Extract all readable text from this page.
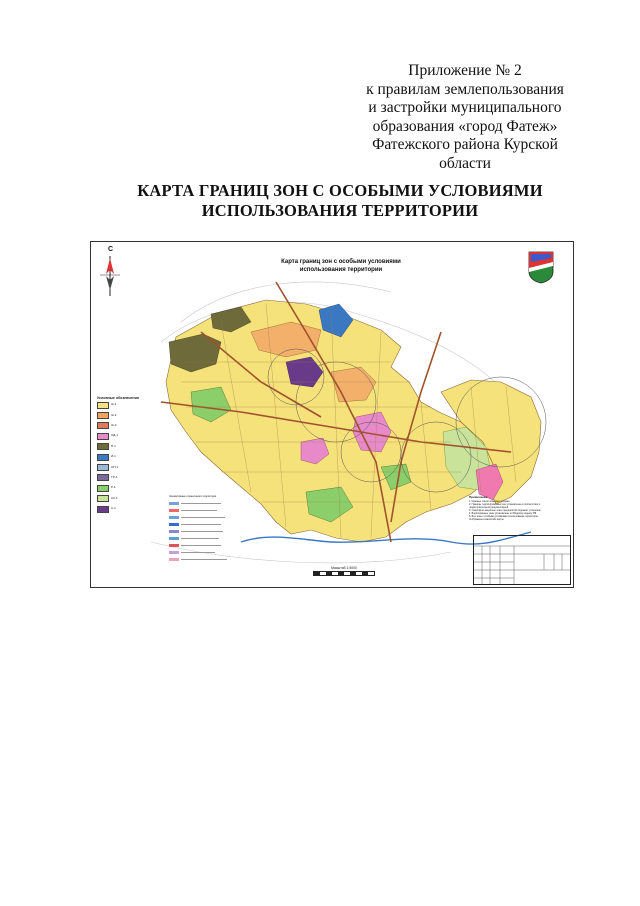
Приложение № 2
к правилам землепользования
и застройки муниципального
образования «город Фатеж»
Фатежского района Курской
области
КАРТА ГРАНИЦ ЗОН С ОСОБЫМИ УСЛОВИЯМИ
ИСПОЛЬЗОВАНИЯ ТЕРРИТОРИИ
Карта границ зон с особыми условиями
использования территории
С
Условные обозначения
Ж-1
Ж-2
Ж-3
ОД-1
П-1
И-1
ОП-1
ТР-1
Р-1
СХ-1
С-1
Нормативные ограничения территории	Примечание
1. Красные линии показаны условно.
2. Границы территориальных зон установлены в соответствии с
градостроительной документацией.
3. Санитарно-защитные зоны предприятий подлежат уточнению.
4. Водоохранные зоны установлены по Водному кодексу РФ.
5. Все зоны с особыми условиями использования территории
отображены в масштабе карты.
Масштаб 1:5000
